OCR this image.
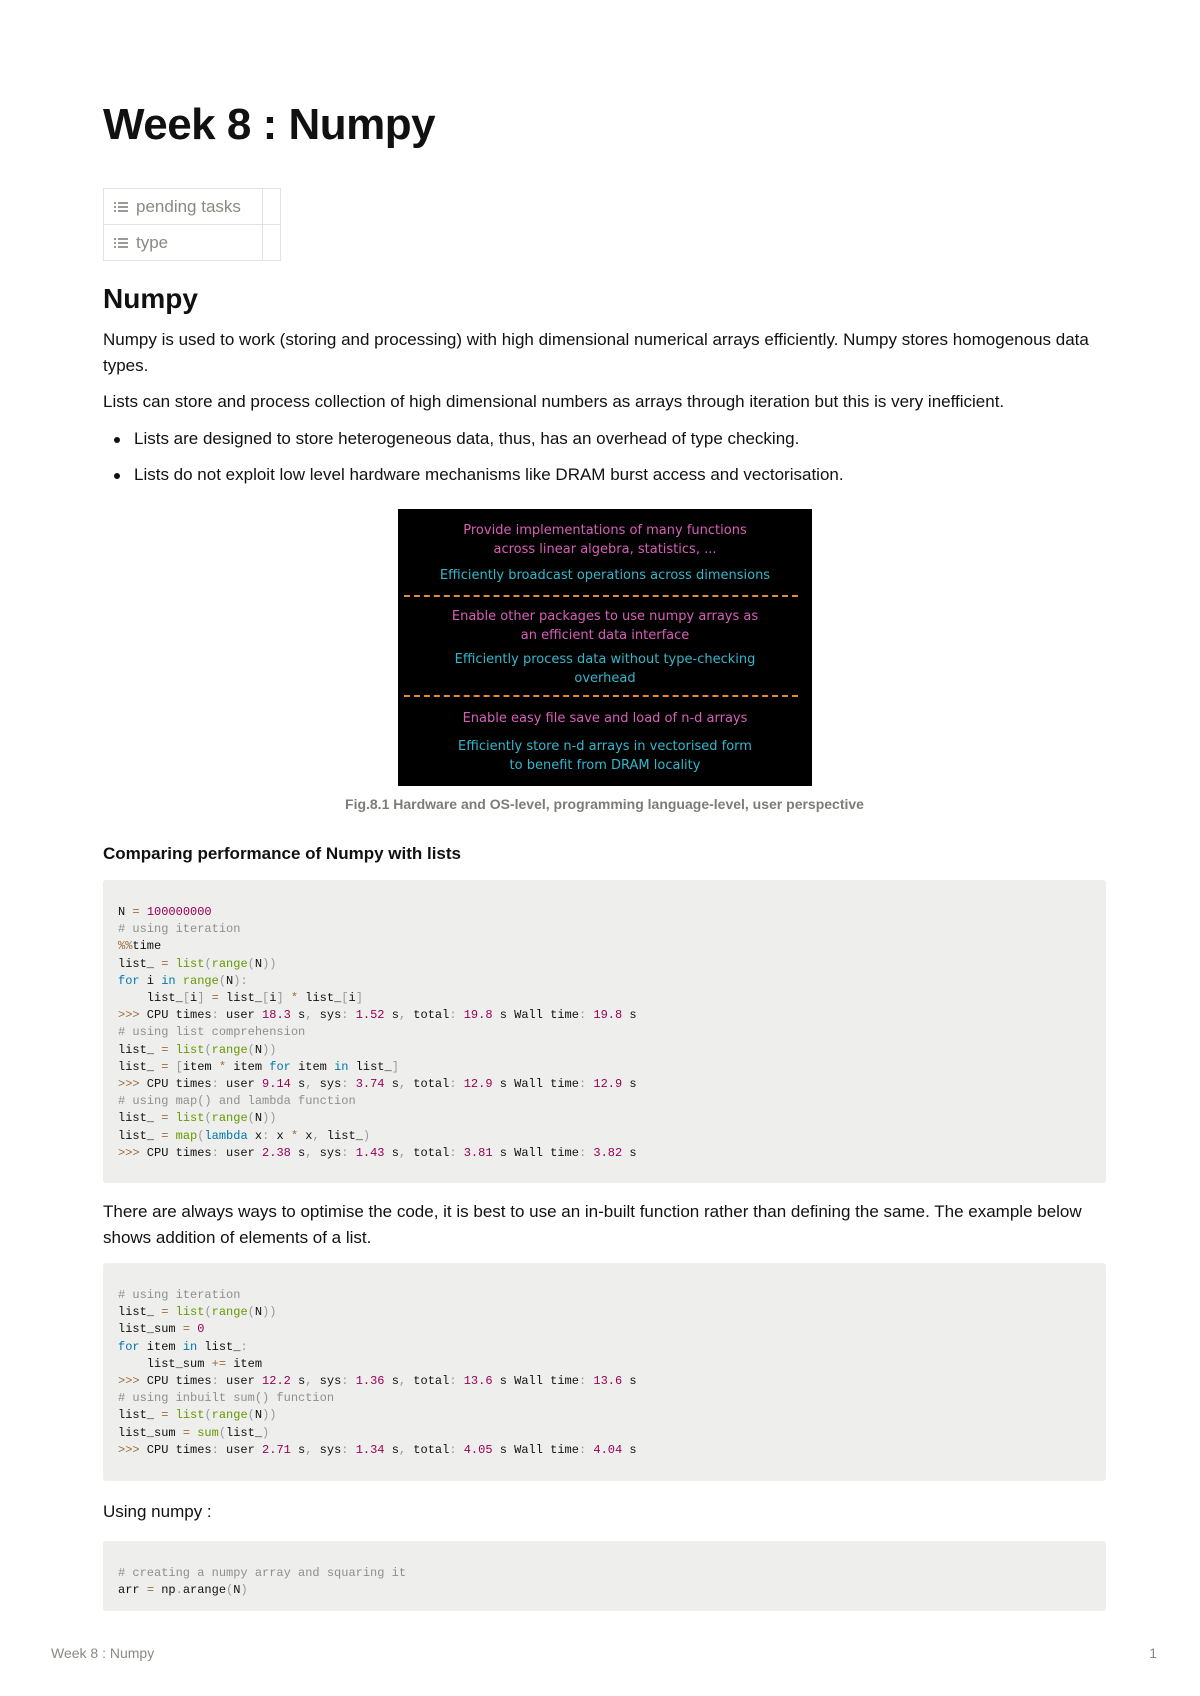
Week 8 : Numpy
pending tasks
type
Numpy

Numpy is used to work (storing and processing) with high dimensional numerical arrays efficiently. Numpy stores homogenous data types.

Lists can store and process collection of high dimensional numbers as arrays through iteration but this is very inefficient.

Lists are designed to store heterogeneous data, thus, has an overhead of type checking.
Lists do not exploit low level hardware mechanisms like DRAM burst access and vectorisation.
Provide implementations of many functions
across linear algebra, statistics, ...
Efficiently broadcast operations across dimensions
Enable other packages to use numpy arrays as
an efficient data interface
Efficiently process data without type-checking
overhead
Enable easy file save and load of n-d arrays
Efficiently store n-d arrays in vectorised form
to benefit from DRAM locality
Fig.8.1 Hardware and OS-level, programming language-level, user perspective
Comparing performance of Numpy with lists
N = 100000000
# using iteration
%%time
list_ = list(range(N))
for i in range(N):
list_[i] = list_[i] * list_[i]
>>> CPU times: user 18.3 s, sys: 1.52 s, total: 19.8 s Wall time: 19.8 s
# using list comprehension
list_ = list(range(N))
list_ = [item * item for item in list_]
>>> CPU times: user 9.14 s, sys: 3.74 s, total: 12.9 s Wall time: 12.9 s
# using map() and lambda function
list_ = list(range(N))
list_ = map(lambda x: x * x, list_)
>>> CPU times: user 2.38 s, sys: 1.43 s, total: 3.81 s Wall time: 3.82 s

There are always ways to optimise the code, it is best to use an in-built function rather than defining the same. The example below shows addition of elements of a list.

# using iteration
list_ = list(range(N))
list_sum = 0
for item in list_:
list_sum += item
>>> CPU times: user 12.2 s, sys: 1.36 s, total: 13.6 s Wall time: 13.6 s
# using inbuilt sum() function
list_ = list(range(N))
list_sum = sum(list_)
>>> CPU times: user 2.71 s, sys: 1.34 s, total: 4.05 s Wall time: 4.04 s

Using numpy :

# creating a numpy array and squaring it
arr = np.arange(N)
Week 8 : Numpy	1
